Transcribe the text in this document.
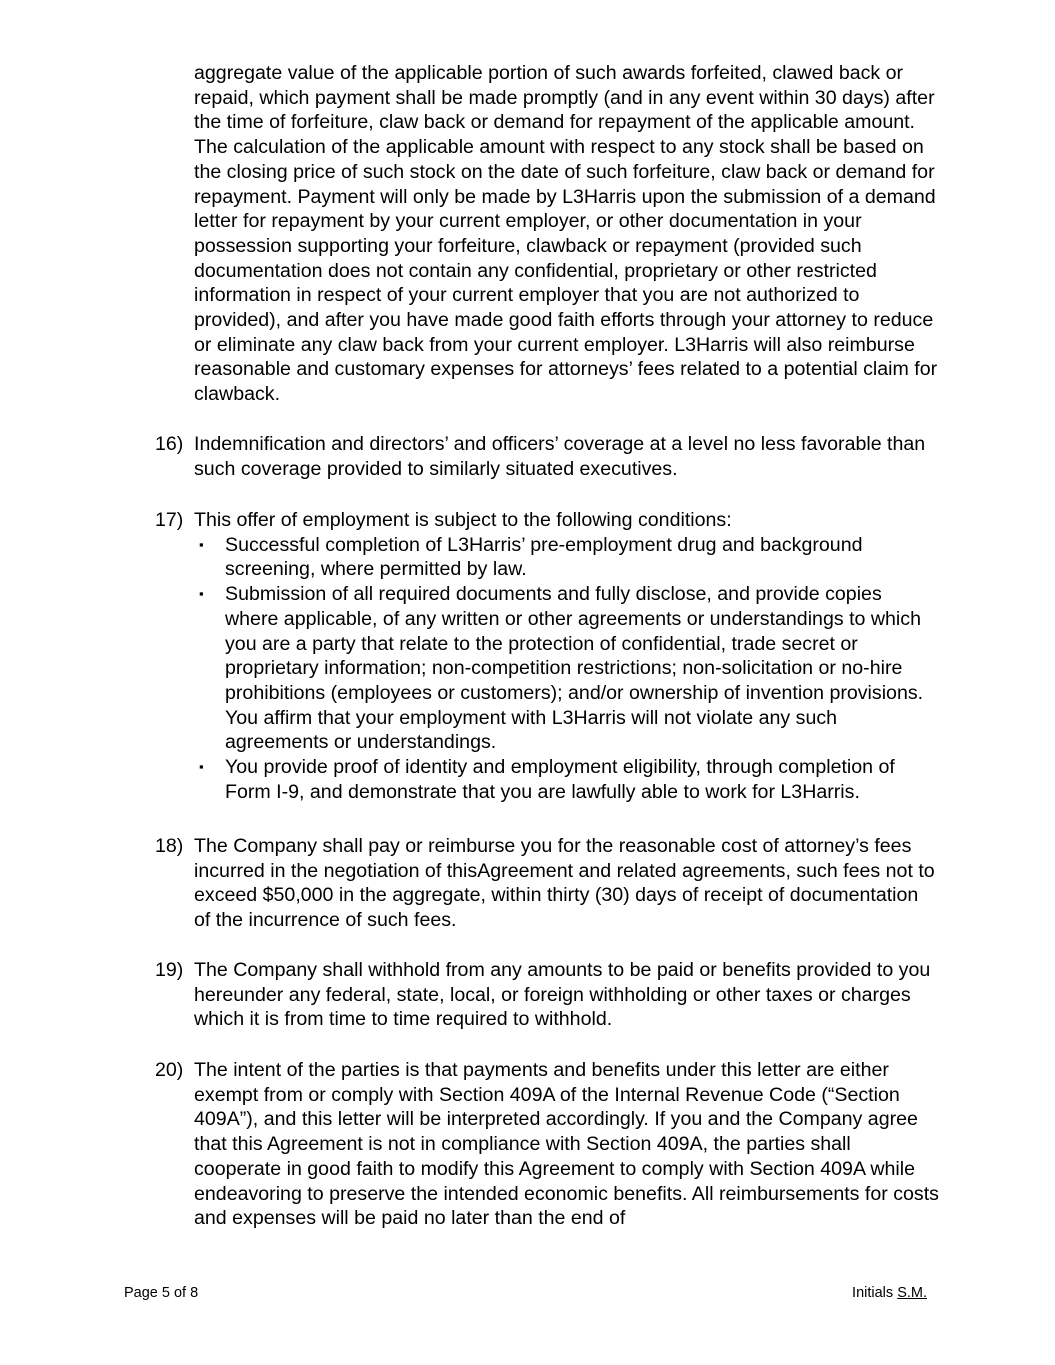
aggregate value of the applicable portion of such awards forfeited, clawed back or repaid, which payment shall be made promptly (and in any event within 30 days) after the time of forfeiture, claw back or demand for repayment of the applicable amount. The calculation of the applicable amount with respect to any stock shall be based on the closing price of such stock on the date of such forfeiture, claw back or demand for repayment. Payment will only be made by L3Harris upon the submission of a demand letter for repayment by your current employer, or other documentation in your possession supporting your forfeiture, clawback or repayment (provided such documentation does not contain any confidential, proprietary or other restricted information in respect of your current employer that you are not authorized to provided), and after you have made good faith efforts through your attorney to reduce or eliminate any claw back from your current employer. L3Harris will also reimburse reasonable and customary expenses for attorneys’ fees related to a potential claim for clawback.

16) Indemnification and directors’ and officers’ coverage at a level no less favorable than such coverage provided to similarly situated executives.

17) This offer of employment is subject to the following conditions:

▪ Successful completion of L3Harris’ pre-employment drug and background screening, where permitted by law.
▪ Submission of all required documents and fully disclose, and provide copies where applicable, of any written or other agreements or understandings to which you are a party that relate to the protection of confidential, trade secret or proprietary information; non-competition restrictions; non-solicitation or no-hire prohibitions (employees or customers); and/or ownership of invention provisions. You affirm that your employment with L3Harris will not violate any such agreements or understandings.
▪ You provide proof of identity and employment eligibility, through completion of Form I-9, and demonstrate that you are lawfully able to work for L3Harris.
18) The Company shall pay or reimburse you for the reasonable cost of attorney’s fees incurred in the negotiation of thisAgreement and related agreements, such fees not to exceed $50,000 in the aggregate, within thirty (30) days of receipt of documentation of the incurrence of such fees.

19) The Company shall withhold from any amounts to be paid or benefits provided to you hereunder any federal, state, local, or foreign withholding or other taxes or charges which it is from time to time required to withhold.

20) The intent of the parties is that payments and benefits under this letter are either exempt from or comply with Section 409A of the Internal Revenue Code (“Section 409A”), and this letter will be interpreted accordingly. If you and the Company agree that this Agreement is not in compliance with Section 409A, the parties shall cooperate in good faith to modify this Agreement to comply with Section 409A while endeavoring to preserve the intended economic benefits. All reimbursements for costs and expenses will be paid no later than the end of

Page 5 of 8	Initials S.M.
